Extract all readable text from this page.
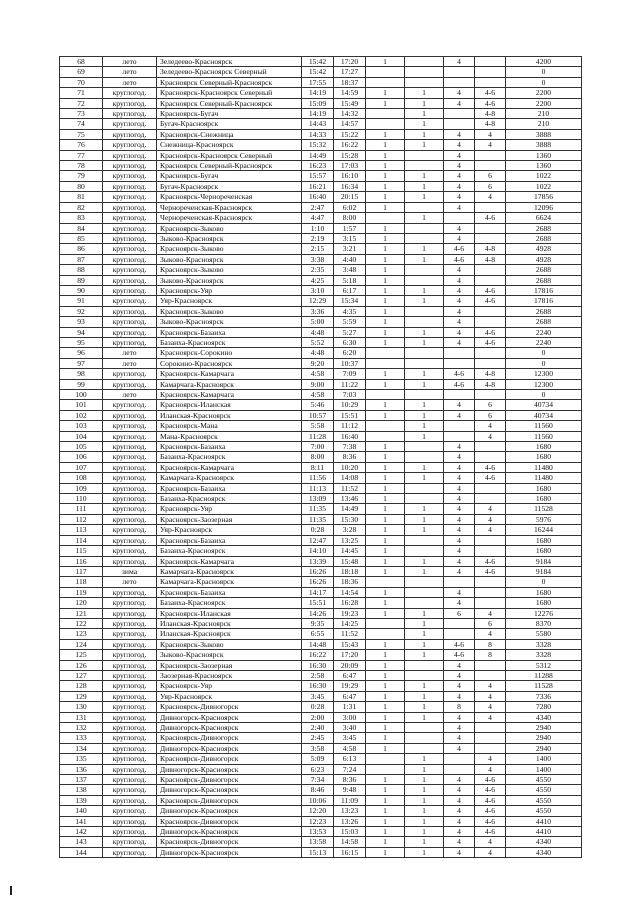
68	лето	Зеледеево-Красноярск	15:42	17:20	1		4		4200
69	лето	Зеледеево-Красноярск Северный	15:42	17:27					0
70	лето	Красноярск Северный-Красноярск	17:55	18:37					0
71	круглогод.	Красноярск-Красноярск Северный	14:19	14:59	1	1	4	4-6	2200
72	круглогод.	Красноярск Северный-Красноярск	15:09	15:49	1	1	4	4-6	2200
73	круглогод.	Красноярск-Бугач	14:19	14:32		1		4-8	210
74	круглогод.	Бугач-Красноярск	14:43	14:57		1		4-8	210
75	круглогод.	Красноярск-Снежница	14:33	15:22	1	1	4	4	3888
76	круглогод.	Снежница-Красноярск	15:32	16:22	1	1	4	4	3888
77	круглогод.	Красноярск-Красноярск Северный	14:49	15:28	1		4		1360
78	круглогод.	Красноярск Северный-Красноярск	16:23	17:03	1		4		1360
79	круглогод.	Красноярск-Бугач	15:57	16:10	1	1	4	6	1022
80	круглогод.	Бугач-Красноярск	16:21	16:34	1	1	4	6	1022
81	круглогод.	Красноярск-Чернореченская	16:40	20:15	1	1	4	4	17856
82	круглогод.	Чернореченская-Красноярск	2:47	6:02	1		4		12096
83	круглогод.	Чернореченская-Красноярск	4:47	8:00		1		4-6	6624
84	круглогод.	Красноярск-Зыково	1:10	1:57	1		4		2688
85	круглогод.	Зыково-Красноярск	2:19	3:15	1		4		2688
86	круглогод.	Красноярск-Зыково	2:15	3:21	1	1	4-6	4-8	4928
87	круглогод.	Зыково-Красноярск	3:38	4:40	1	1	4-6	4-8	4928
88	круглогод.	Красноярск-Зыково	2:35	3:48	1		4		2688
89	круглогод.	Зыково-Красноярск	4:25	5:18	1		4		2688
90	круглогод.	Красноярск-Уяр	3:10	6:17	1	1	4	4-6	17816
91	круглогод.	Уяр-Красноярск	12:29	15:34	1	1	4	4-6	17816
92	круглогод.	Красноярск-Зыково	3:36	4:35	1		4		2688
93	круглогод.	Зыково-Красноярск	5:00	5:59	1		4		2688
94	круглогод.	Красноярск-Базаиха	4:48	5:27	1	1	4	4-6	2240
95	круглогод.	Базаиха-Красноярск	5:52	6:30	1	1	4	4-6	2240
96	лето	Красноярск-Сорокино	4:48	6:20					0
97	лето	Сорокино-Красноярск	9:20	10:37					0
98	круглогод.	Красноярск-Камарчага	4:58	7:09	1	1	4-6	4-8	12300
99	круглогод.	Камарчага-Красноярск	9:00	11:22	1	1	4-6	4-8	12300
100	лето	Красноярск-Камарчага	4:58	7:03					0
101	круглогод.	Красноярск-Иланская	5:46	10:29	1	1	4	6	40734
102	круглогод.	Иланская-Красноярск	10:57	15:51	1	1	4	6	40734
103	круглогод.	Красноярск-Мана	5:58	11:12		1		4	11560
104	круглогод.	Мана-Красноярск	11:28	16:40		1		4	11560
105	круглогод.	Красноярск-Базаиха	7:00	7:38	1		4		1680
106	круглогод.	Базаиха-Красноярск	8:00	8:36	1		4		1680
107	круглогод.	Красноярск-Камарчага	8:11	10:20	1	1	4	4-6	11480
108	круглогод.	Камарчага-Красноярск	11:56	14:08	1	1	4	4-6	11480
109	круглогод.	Красноярск-Базаиха	11:13	11:52	1		4		1680
110	круглогод.	Базаиха-Красноярск	13:09	13:46	1		4		1680
111	круглогод.	Красноярск-Уяр	11:35	14:49	1	1	4	4	11528
112	круглогод.	Красноярск-Заозерная	11:35	15:30	1	1	4	4	5976
113	круглогод.	Уяр-Красноярск	0:28	3:28	1	1	4	4	16244
114	круглогод.	Красноярск-Базаиха	12:47	13:25	1		4		1680
115	круглогод.	Базаиха-Красноярск	14:10	14:45	1		4		1680
116	круглогод.	Красноярск-Камарчага	13:39	15:48	1	1	4	4-6	9184
117	зима	Камарчага-Красноярск	16:26	18:18	1	1	4	4-6	9184
118	лето	Камарчага-Красноярск	16:26	18:36					0
119	круглогод.	Красноярск-Базаиха	14:17	14:54	1		4		1680
120	круглогод.	Базаиха-Красноярск	15:51	16:28	1		4		1680
121	круглогод.	Красноярск-Иланская	14:26	19:23	1	1	6	4	12276
122	круглогод.	Иланская-Красноярск	9:35	14:25		1		6	8370
123	круглогод.	Иланская-Красноярск	6:55	11:52		1		4	5580
124	круглогод.	Красноярск-Зыково	14:48	15:43	1	1	4-6	8	3328
125	круглогод.	Зыково-Красноярск	16:22	17:20	1	1	4-6	8	3328
126	круглогод.	Красноярск-Заозерная	16:30	20:09	1		4		5312
127	круглогод.	Заозерная-Красноярск	2:58	6:47	1		4		11288
128	круглогод.	Красноярск-Уяр	16:30	19:29	1	1	4	4	11528
129	круглогод.	Уяр-Красноярск	3:45	6:47	1	1	4	4	7336
130	круглогод.	Красноярск-Дивногорск	0:28	1:31	1	1	8	4	7280
131	круглогод.	Дивногорск-Красноярск	2:00	3:00	1	1	4	4	4340
132	круглогод.	Дивногорск-Красноярск	2:40	3:40	1		4		2940
133	круглогод.	Красноярск-Дивногорск	2:45	3:45	1		4		2940
134	круглогод.	Дивногорск-Красноярск	3:58	4:58	1		4		2940
135	круглогод.	Красноярск-Дивногорск	5:09	6:13		1		4	1400
136	круглогод.	Дивногорск-Красноярск	6:23	7:24		1		4	1400
137	круглогод.	Красноярск-Дивногорск	7:34	8:36	1	1	4	4-6	4550
138	круглогод.	Дивногорск-Красноярск	8:46	9:48	1	1	4	4-6	4550
139	круглогод.	Красноярск-Дивногорск	10:06	11:09	1	1	4	4-6	4550
140	круглогод.	Дивногорск-Красноярск	12:20	13:23	1	1	4	4-6	4550
141	круглогод.	Красноярск-Дивногорск	12:23	13:26	1	1	4	4-6	4410
142	круглогод.	Дивногорск-Красноярск	13:53	15:03	1	1	4	4-6	4410
143	круглогод.	Красноярск-Дивногорск	13:58	14:58	1	1	4	4	4340
144	круглогод.	Дивногорск-Красноярск	15:13	16:15	1	1	4	4	4340
